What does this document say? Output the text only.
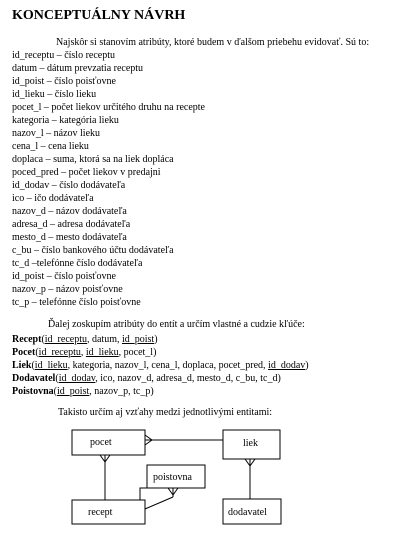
KONCEPTUÁLNY NÁVRH
Najskôr si stanovím atribúty, ktoré budem v ďalšom priebehu evidovať. Sú to:
id_receptu – číslo receptu
datum – dátum prevzatia receptu
id_poist – číslo poisťovne
id_lieku – číslo lieku
pocet_l – počet liekov určitého druhu na recepte
kategoria – kategória lieku
nazov_l – názov lieku
cena_l – cena lieku
doplaca – suma, ktorá sa na liek dopláca
poced_pred – počet liekov v predajni
id_dodav – číslo dodávateľa
ico – ičo dodávateľa
nazov_d – názov dodávateľa
adresa_d – adresa dodávateľa
mesto_d – mesto dodávateľa
c_bu – číslo bankového účtu dodávateľa
tc_d –telefónne číslo dodávateľa
id_poist – číslo poisťovne
nazov_p – názov poisťovne
tc_p – telefónne číslo poisťovne
Ďalej zoskupím atribúty do entít a určím vlastné a cudzie kľúče:
Recept(id_receptu, datum, id_poist)
Pocet(id_receptu, id_lieku, pocet_l)
Liek(id_lieku, kategoria, nazov_l, cena_l, doplaca, pocet_pred, id_dodav)
Dodavatel(id_dodav, ico, nazov_d, adresa_d, mesto_d, c_bu, tc_d)
Poistovna(id_poist, nazov_p, tc_p)
Takisto určím aj vzťahy medzi jednotlivými entitami:
pocet	liek
poistovna
recept	dodavatel
